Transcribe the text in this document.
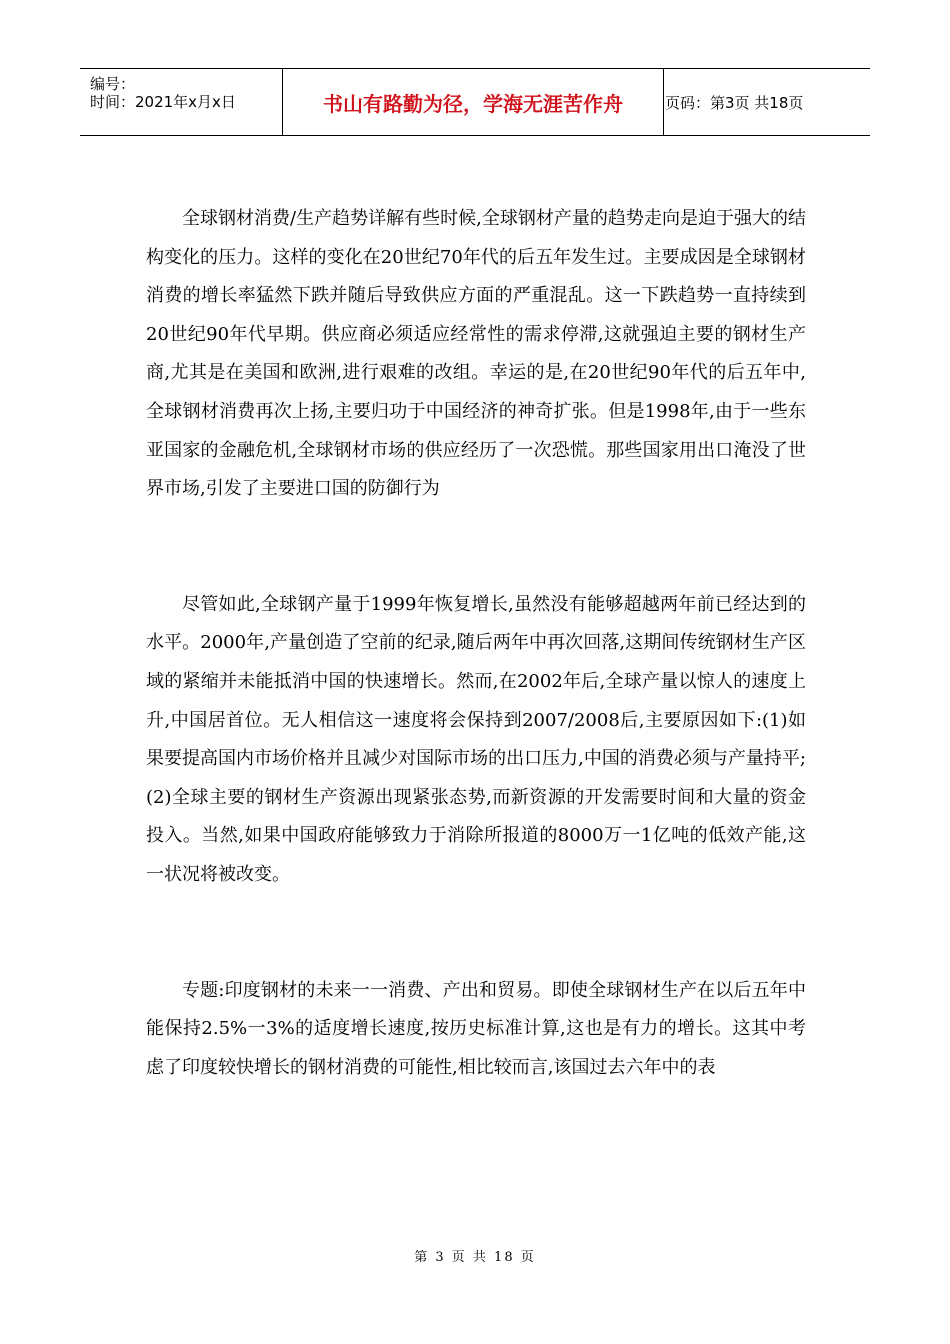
编号：
时间：2021年x月x日	书山有路勤为径，学海无涯苦作舟	页码：第3页 共18页

全球钢材消费/生产趋势详解有些时候,全球钢材产量的趋势走向是迫于强大的结构变化的压力。这样的变化在20世纪70年代的后五年发生过。主要成因是全球钢材消费的增长率猛然下跌并随后导致供应方面的严重混乱。这一下跌趋势一直持续到20世纪90年代早期。供应商必须适应经常性的需求停滞,这就强迫主要的钢材生产商,尤其是在美国和欧洲,进行艰难的改组。幸运的是,在20世纪90年代的后五年中,全球钢材消费再次上扬,主要归功于中国经济的神奇扩张。但是1998年,由于一些东亚国家的金融危机,全球钢材市场的供应经历了一次恐慌。那些国家用出口淹没了世界市场,引发了主要进口国的防御行为

尽管如此,全球钢产量于1999年恢复增长,虽然没有能够超越两年前已经达到的水平。2000年,产量创造了空前的纪录,随后两年中再次回落,这期间传统钢材生产区域的紧缩并未能抵消中国的快速增长。然而,在2002年后,全球产量以惊人的速度上升,中国居首位。无人相信这一速度将会保持到2007/2008后,主要原因如下:(1)如果要提高国内市场价格并且减少对国际市场的出口压力,中国的消费必须与产量持平;(2)全球主要的钢材生产资源出现紧张态势,而新资源的开发需要时间和大量的资金投入。当然,如果中国政府能够致力于消除所报道的8000万一1亿吨的低效产能,这一状况将被改变。

专题:印度钢材的未来一一消费、产出和贸易。即使全球钢材生产在以后五年中能保持2.5%一3%的适度增长速度,按历史标准计算,这也是有力的增长。这其中考虑了印度较快增长的钢材消费的可能性,相比较而言,该国过去六年中的表

第 3 页 共 18 页
